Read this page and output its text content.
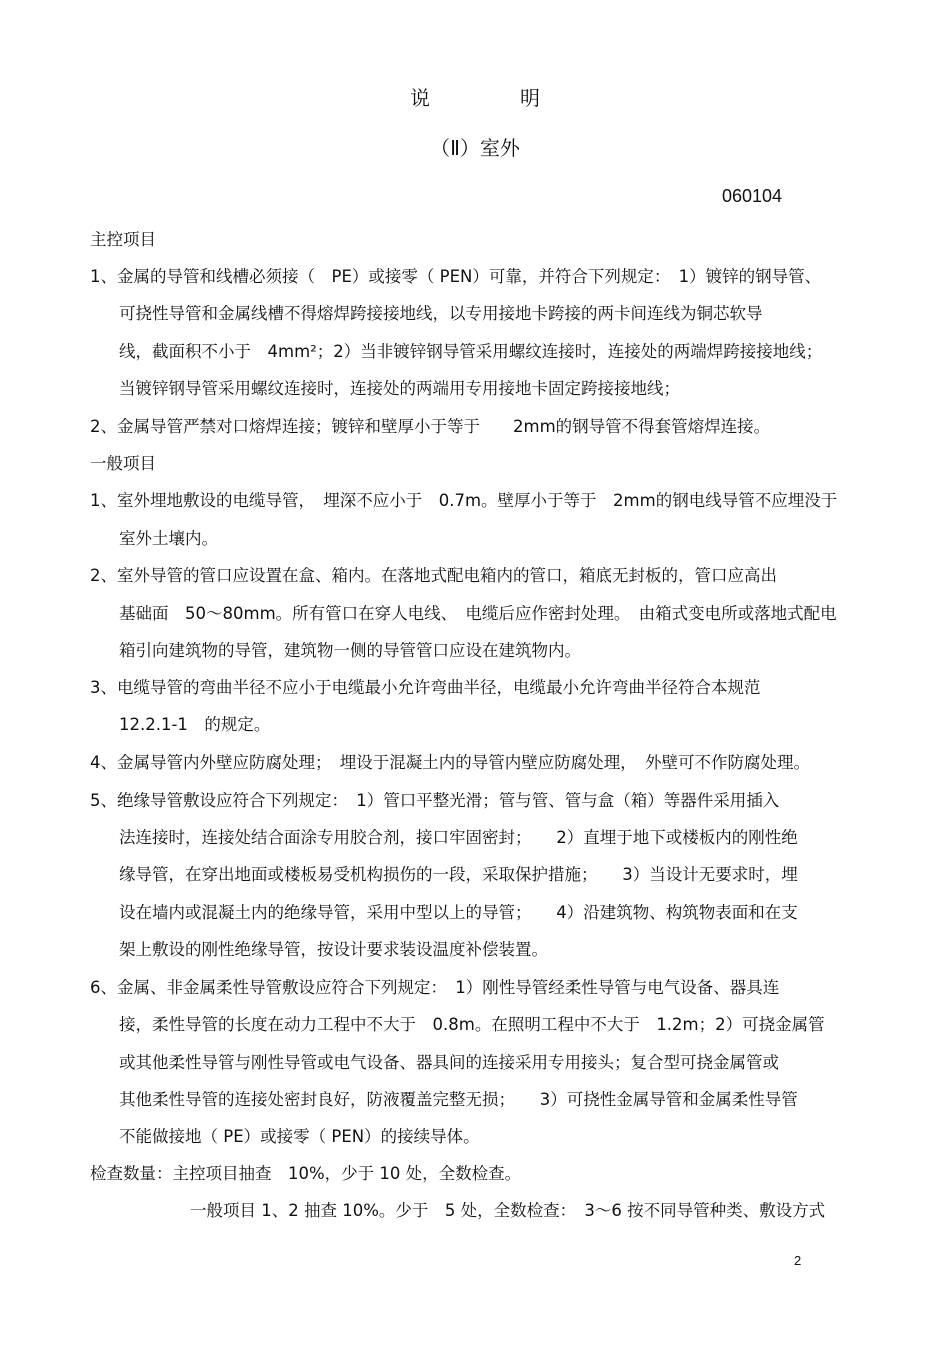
说	明
（Ⅱ）室外
060104
主控项目
1、金属的导管和线槽必须接（　PE）或接零（ PEN）可靠，并符合下列规定：　1）镀锌的钢导管、
可挠性导管和金属线槽不得熔焊跨接接地线，以专用接地卡跨接的两卡间连线为铜芯软导
线，截面积不小于　4mm²；2）当非镀锌钢导管采用螺纹连接时，连接处的两端焊跨接接地线；
当镀锌钢导管采用螺纹连接时，连接处的两端用专用接地卡固定跨接接地线；
2、金属导管严禁对口熔焊连接；镀锌和壁厚小于等于　　2mm的钢导管不得套管熔焊连接。
一般项目
1、室外埋地敷设的电缆导管，　埋深不应小于　0.7m。壁厚小于等于　2mm的钢电线导管不应埋没于
室外土壤内。
2、室外导管的管口应设置在盒、箱内。在落地式配电箱内的管口，箱底无封板的，管口应高出
基础面　50～80mm。所有管口在穿人电线、　电缆后应作密封处理。　由箱式变电所或落地式配电
箱引向建筑物的导管，建筑物一侧的导管管口应设在建筑物内。
3、电缆导管的弯曲半径不应小于电缆最小允许弯曲半径，电缆最小允许弯曲半径符合本规范
12.2.1-1　的规定。
4、金属导管内外壁应防腐处理；　埋设于混凝土内的导管内壁应防腐处理，　外壁可不作防腐处理。
5、绝缘导管敷设应符合下列规定：　1）管口平整光滑；管与管、管与盒（箱）等器件采用插入
法连接时，连接处结合面涂专用胶合剂，接口牢固密封；　　2）直埋于地下或楼板内的刚性绝
缘导管，在穿出地面或楼板易受机构损伤的一段，采取保护措施；　　3）当设计无要求时，埋
设在墙内或混凝土内的绝缘导管，采用中型以上的导管；　　4）沿建筑物、构筑物表面和在支
架上敷设的刚性绝缘导管，按设计要求装设温度补偿装置。
6、金属、非金属柔性导管敷设应符合下列规定：　1）刚性导管经柔性导管与电气设备、器具连
接，柔性导管的长度在动力工程中不大于　0.8m。在照明工程中不大于　1.2m；2）可挠金属管
或其他柔性导管与刚性导管或电气设备、器具间的连接采用专用接头；复合型可挠金属管或
其他柔性导管的连接处密封良好，防液覆盖完整无损；　　3）可挠性金属导管和金属柔性导管
不能做接地（ PE）或接零（ PEN）的接续导体。
检查数量：主控项目抽查　10%，少于 10 处，全数检查。
一般项目 1、2 抽查 10%。少于　5 处，全数检查：　3～6 按不同导管种类、敷设方式
2
